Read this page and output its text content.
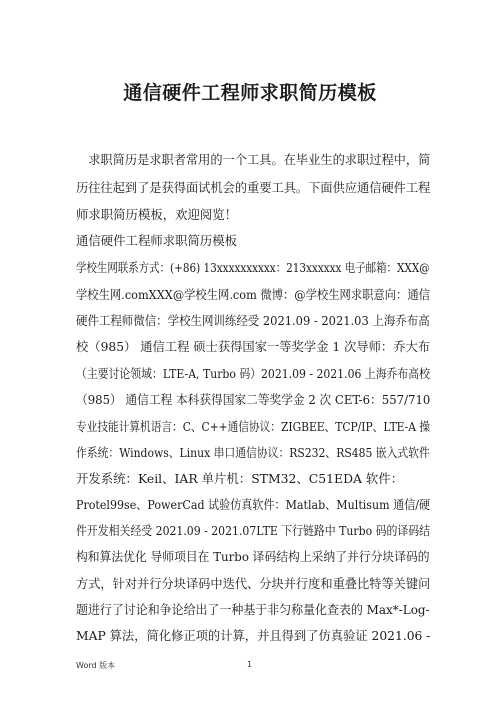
通信硬件工程师求职简历模板
　求职简历是求职者常用的一个工具。在毕业生的求职过程中，简
历往往起到了是获得面试机会的重要工具。下面供应通信硬件工程
师求职简历模板，欢迎阅览！
通信硬件工程师求职简历模板
学校生网联系方式：(+86) 13xxxxxxxxxx：213xxxxxx 电子邮箱：XXX@
学校生网.comXXX@学校生网.com 微博：@学校生网求职意向：通信
硬件工程师微信：学校生网训练经受 2021.09 - 2021.03 上海乔布高
校（985） 通信工程 硕士获得国家一等奖学金 1 次导师：乔大布
（主要讨论领域：LTE-A, Turbo 码）2021.09 - 2021.06 上海乔布高校
（985） 通信工程 本科获得国家二等奖学金 2 次 CET-6：557/710
专业技能计算机语言：C、C++通信协议：ZIGBEE、TCP/IP、LTE-A 操
作系统：Windows、Linux 串口通信协议：RS232、RS485 嵌入式软件
开发系统：Keil、IAR 单片机：STM32、C51EDA 软件：
Protel99se、PowerCad 试验仿真软件：Matlab、Multisum 通信/硬
件开发相关经受 2021.09 - 2021.07LTE 下行链路中 Turbo 码的译码结
构和算法优化 导师项目在 Turbo 译码结构上采纳了并行分块译码的
方式，针对并行分块译码中迭代、分块并行度和重叠比特等关键问
题进行了讨论和争论给出了一种基于非匀称量化查表的 Max*-Log-
MAP 算法，简化修正项的计算，并且得到了仿真验证 2021.06 -
Word 版本	1
